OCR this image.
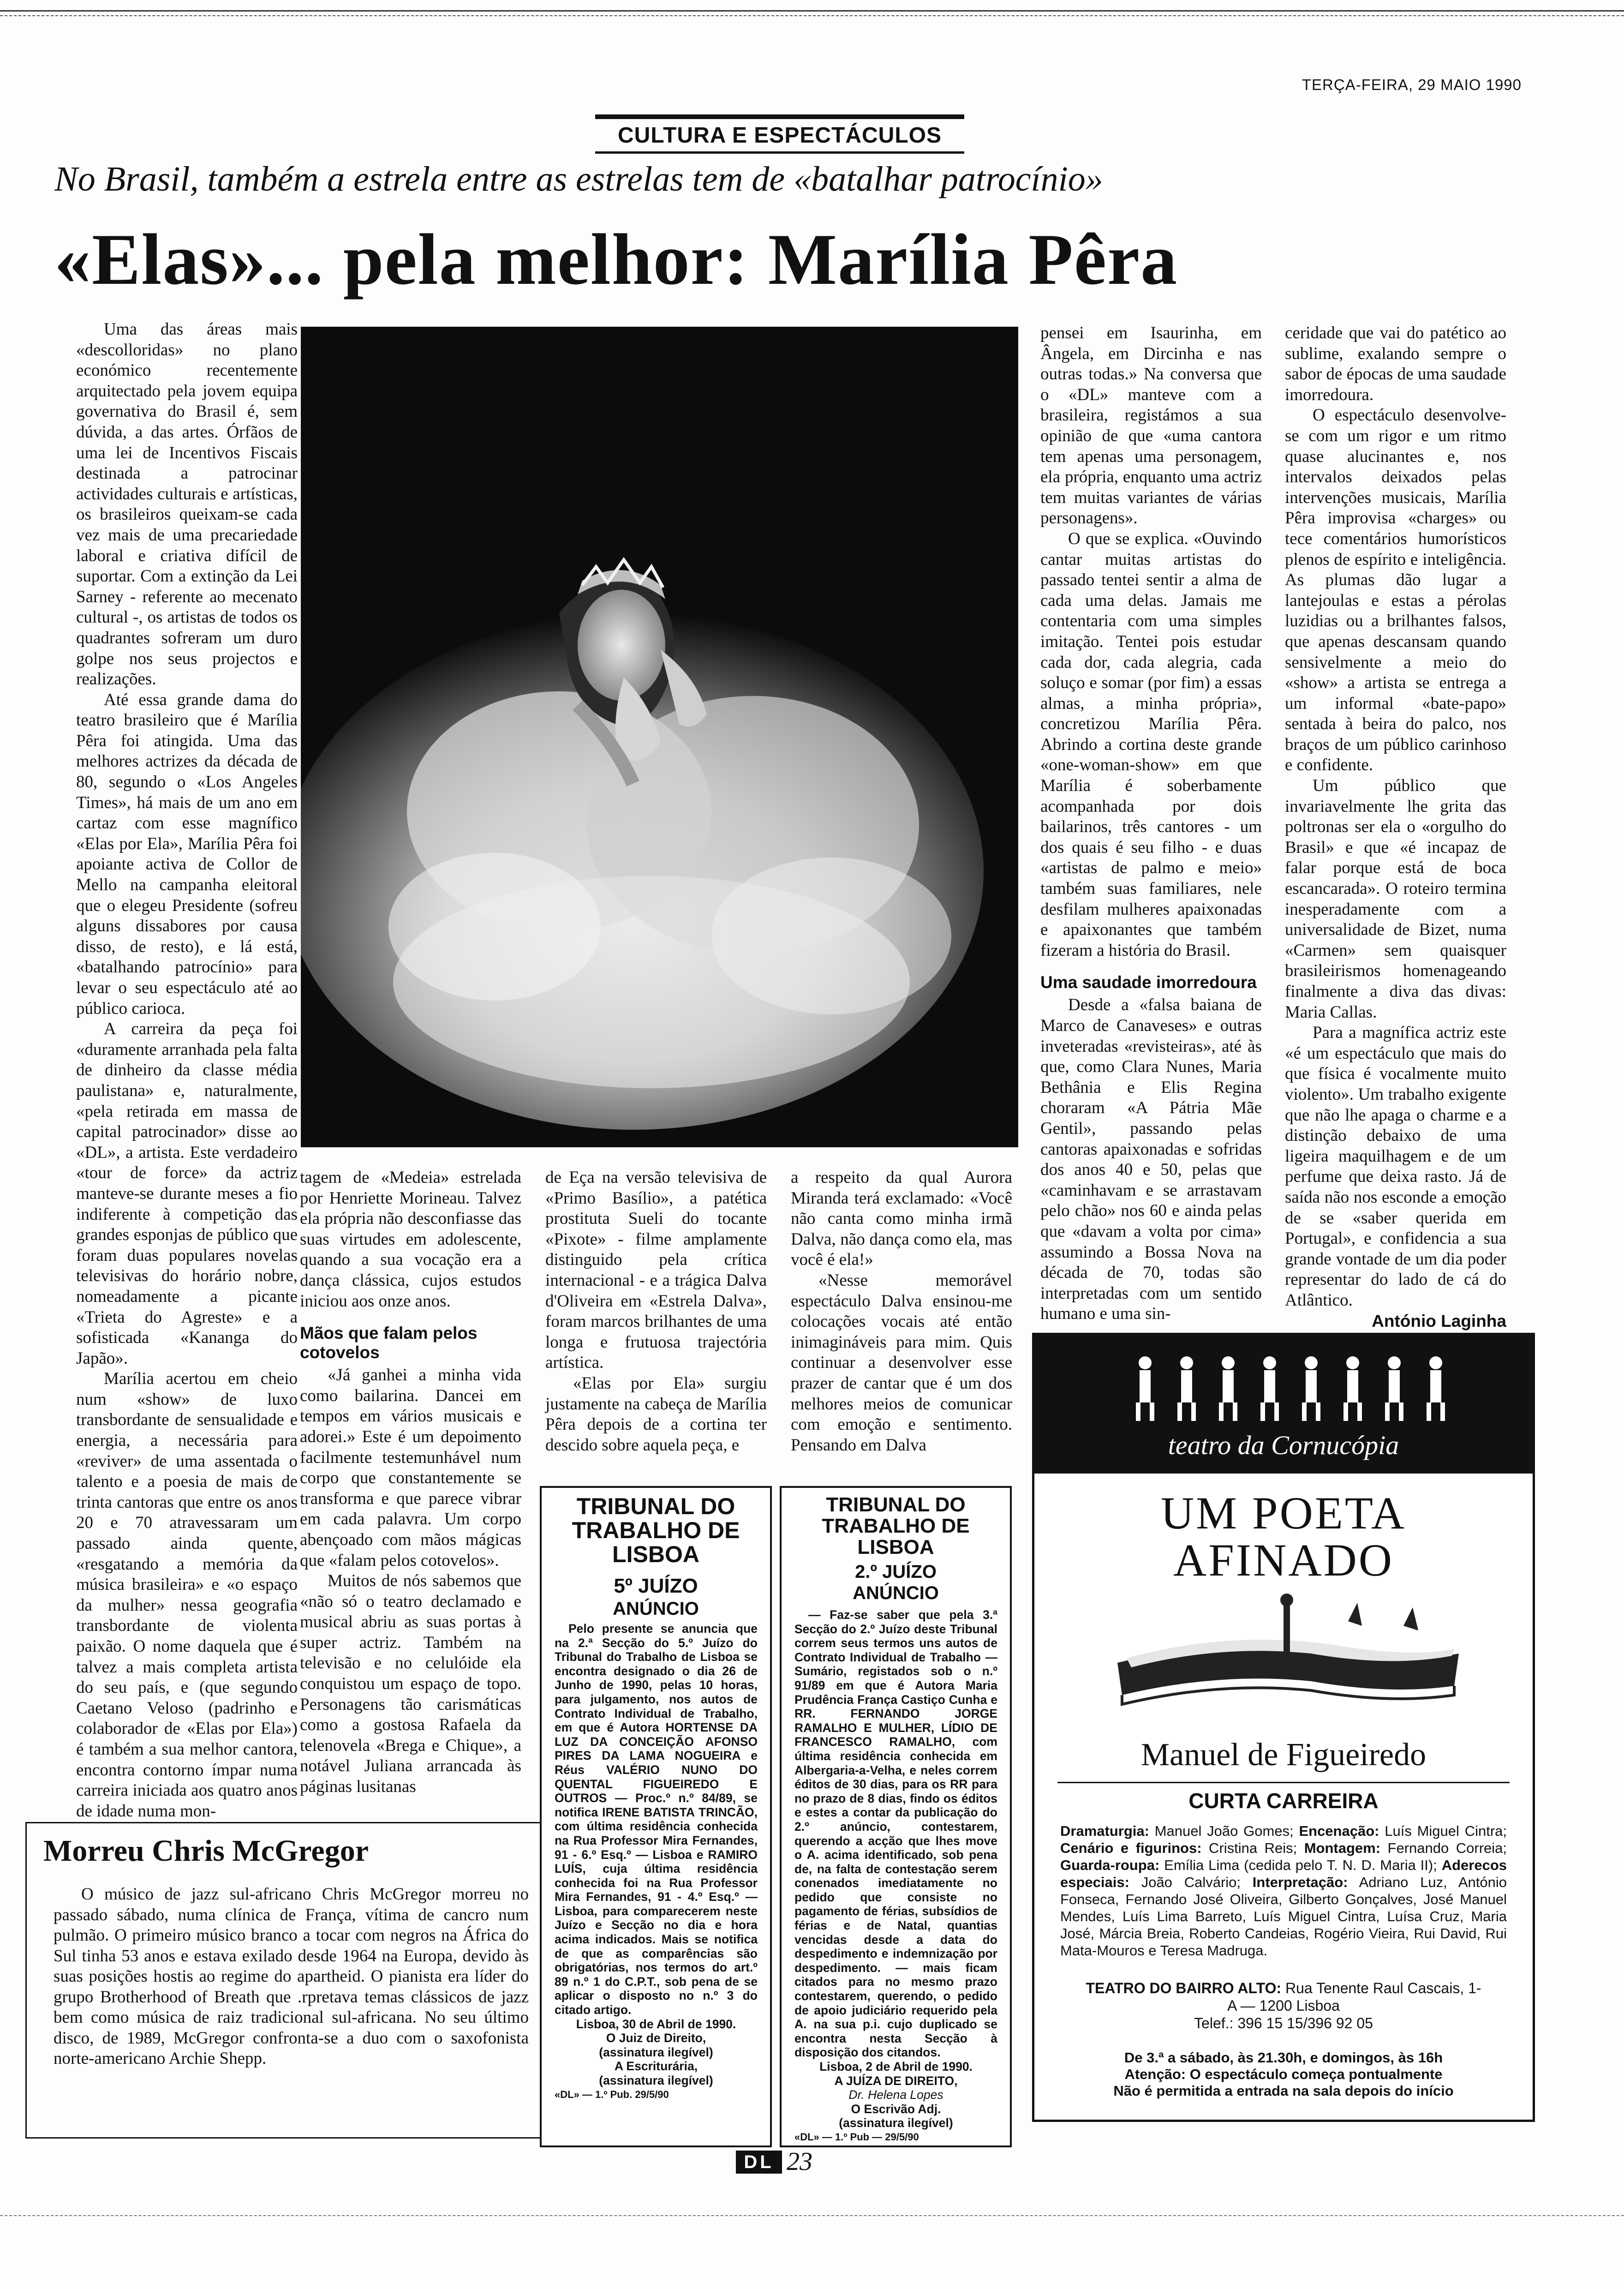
TERÇA-FEIRA, 29 MAIO 1990
CULTURA E ESPECTÁCULOS
No Brasil, também a estrela entre as estrelas tem de «batalhar patrocínio»
«Elas»... pela melhor: Marília Pêra

Uma das áreas mais «descolloridas» no plano económico recentemente arquitectado pela jovem equipa governativa do Brasil é, sem dúvida, a das artes. Órfãos de uma lei de Incentivos Fiscais destinada a patrocinar actividades culturais e artísticas, os brasileiros queixam-se cada vez mais de uma precariedade laboral e criativa difícil de suportar. Com a extinção da Lei Sarney - referente ao mecenato cultural -, os artistas de todos os quadrantes sofreram um duro golpe nos seus projectos e realizações.

Até essa grande dama do teatro brasileiro que é Marília Pêra foi atingida. Uma das melhores actrizes da década de 80, segundo o «Los Angeles Times», há mais de um ano em cartaz com esse magnífico «Elas por Ela», Marília Pêra foi apoiante activa de Collor de Mello na campanha eleitoral que o elegeu Presidente (sofreu alguns dissabores por causa disso, de resto), e lá está, «batalhando patrocínio» para levar o seu espectáculo até ao público carioca.

A carreira da peça foi «duramente arranhada pela falta de dinheiro da classe média paulistana» e, naturalmente, «pela retirada em massa de capital patrocinador» disse ao «DL», a artista. Este verdadeiro «tour de force» da actriz manteve-se durante meses a fio indiferente à competição das grandes esponjas de público que foram duas populares novelas televisivas do horário nobre, nomeadamente a picante «Trieta do Agreste» e a sofisticada «Kananga do Japão».

Marília acertou em cheio num «show» de luxo transbordante de sensualidade e energia, a necessária para «reviver» de uma assentada o talento e a poesia de mais de trinta cantoras que entre os anos 20 e 70 atravessaram um passado ainda quente, «resgatando a memória da música brasileira» e «o espaço da mulher» nessa geografia transbordante de violenta paixão. O nome daquela que é talvez a mais completa artista do seu país, e (que segundo Caetano Veloso (padrinho e colaborador de «Elas por Ela») é também a sua melhor cantora, encontra contorno ímpar numa carreira iniciada aos quatro anos de idade numa mon-

tagem de «Medeia» estrelada por Henriette Morineau. Talvez ela própria não desconfiasse das suas virtudes em adolescente, quando a sua vocação era a dança clássica, cujos estudos iniciou aos onze anos.

Mãos que falam pelos cotovelos

«Já ganhei a minha vida como bailarina. Dancei em tempos em vários musicais e adorei.» Este é um depoimento facilmente testemunhável num corpo que constantemente se transforma e que parece vibrar em cada palavra. Um corpo abençoado com mãos mágicas que «falam pelos cotovelos».

Muitos de nós sabemos que «não só o teatro declamado e musical abriu as suas portas à super actriz. Também na televisão e no celulóide ela conquistou um espaço de topo. Personagens tão carismáticas como a gostosa Rafaela da telenovela «Brega e Chique», a notável Juliana arrancada às páginas lusitanas

de Eça na versão televisiva de «Primo Basílio», a patética prostituta Sueli do tocante «Pixote» - filme amplamente distinguido pela crítica internacional - e a trágica Dalva d'Oliveira em «Estrela Dalva», foram marcos brilhantes de uma longa e frutuosa trajectória artística.

«Elas por Ela» surgiu justamente na cabeça de Marília Pêra depois de a cortina ter descido sobre aquela peça, e

a respeito da qual Aurora Miranda terá exclamado: «Você não canta como minha irmã Dalva, não dança como ela, mas você é ela!»

«Nesse memorável espectáculo Dalva ensinou-me colocações vocais até então inimagináveis para mim. Quis continuar a desenvolver esse prazer de cantar que é um dos melhores meios de comunicar com emoção e sentimento. Pensando em Dalva

pensei em Isaurinha, em Ângela, em Dircinha e nas outras todas.» Na conversa que o «DL» manteve com a brasileira, registámos a sua opinião de que «uma cantora tem apenas uma personagem, ela própria, enquanto uma actriz tem muitas variantes de várias personagens».

O que se explica. «Ouvindo cantar muitas artistas do passado tentei sentir a alma de cada uma delas. Jamais me contentaria com uma simples imitação. Tentei pois estudar cada dor, cada alegria, cada soluço e somar (por fim) a essas almas, a minha própria», concretizou Marília Pêra. Abrindo a cortina deste grande «one-woman-show» em que Marília é soberbamente acompanhada por dois bailarinos, três cantores - um dos quais é seu filho - e duas «artistas de palmo e meio» também suas familiares, nele desfilam mulheres apaixonadas e apaixonantes que também fizeram a história do Brasil.

Uma saudade imorredoura

Desde a «falsa baiana de Marco de Canaveses» e outras inveteradas «revisteiras», até às que, como Clara Nunes, Maria Bethânia e Elis Regina choraram «A Pátria Mãe Gentil», passando pelas cantoras apaixonadas e sofridas dos anos 40 e 50, pelas que «caminhavam e se arrastavam pelo chão» nos 60 e ainda pelas que «davam a volta por cima» assumindo a Bossa Nova na década de 70, todas são interpretadas com um sentido humano e uma sin-

ceridade que vai do patético ao sublime, exalando sempre o sabor de épocas de uma saudade imorredoura.

O espectáculo desenvolve-se com um rigor e um ritmo quase alucinantes e, nos intervalos deixados pelas intervenções musicais, Marília Pêra improvisa «charges» ou tece comentários humorísticos plenos de espírito e inteligência. As plumas dão lugar a lantejoulas e estas a pérolas luzidias ou a brilhantes falsos, que apenas descansam quando sensivelmente a meio do «show» a artista se entrega a um informal «bate-papo» sentada à beira do palco, nos braços de um público carinhoso e confidente.

Um público que invariavelmente lhe grita das poltronas ser ela o «orgulho do Brasil» e que «é incapaz de falar porque está de boca escancarada». O roteiro termina inesperadamente com a universalidade de Bizet, numa «Carmen» sem quaisquer brasileirismos homenageando finalmente a diva das divas: Maria Callas.

Para a magnífica actriz este «é um espectáculo que mais do que física é vocalmente muito violento». Um trabalho exigente que não lhe apaga o charme e a distinção debaixo de uma ligeira maquilhagem e de um perfume que deixa rasto. Já de saída não nos esconde a emoção de se «saber querida em Portugal», e confidencia a sua grande vontade de um dia poder representar do lado de cá do Atlântico.

António Laginha
Morreu Chris McGregor
O músico de jazz sul-africano Chris McGregor morreu no passado sábado, numa clínica de França, vítima de cancro num pulmão. O primeiro músico branco a tocar com negros na África do Sul tinha 53 anos e estava exilado desde 1964 na Europa, devido às suas posições hostis ao regime do apartheid. O pianista era líder do grupo Brotherhood of Breath que .rpretava temas clássicos de jazz bem como música de raiz tradicional sul-africana. No seu último disco, de 1989, McGregor confronta-se a duo com o saxofonista norte-americano Archie Shepp.
TRIBUNAL DO TRABALHO DE LISBOA
5º JUÍZO
ANÚNCIO

Pelo presente se anuncia que na 2.ª Secção do 5.º Juízo do Tribunal do Trabalho de Lisboa se encontra designado o dia 26 de Junho de 1990, pelas 10 horas, para julgamento, nos autos de Contrato Individual de Trabalho, em que é Autora HORTENSE DA LUZ DA CONCEIÇÃO AFONSO PIRES DA LAMA NOGUEIRA e Réus VALÉRIO NUNO DO QUENTAL FIGUEIREDO E OUTROS — Proc.º n.º 84/89, se notifica IRENE BATISTA TRINCÃO, com última residência conhecida na Rua Professor Mira Fernandes, 91 - 6.º Esq.º — Lisboa e RAMIRO LUÍS, cuja última residência conhecida foi na Rua Professor Mira Fernandes, 91 - 4.º Esq.º — Lisboa, para comparecerem neste Juízo e Secção no dia e hora acima indicados. Mais se notifica de que as comparências são obrigatórias, nos termos do art.º 89 n.º 1 do C.P.T., sob pena de se aplicar o disposto no n.º 3 do citado artigo.

Lisboa, 30 de Abril de 1990.

O Juiz de Direito,

(assinatura ilegível)

A Escriturária,

(assinatura ilegível)

«DL» — 1.º Pub. 29/5/90

TRIBUNAL DO TRABALHO DE LISBOA
2.º JUÍZO
ANÚNCIO

— Faz-se saber que pela 3.ª Secção do 2.º Juízo deste Tribunal correm seus termos uns autos de Contrato Individual de Trabalho — Sumário, registados sob o n.º 91/89 em que é Autora Maria Prudência França Castiço Cunha e RR. FERNANDO JORGE RAMALHO E MULHER, LÍDIO DE FRANCESCO RAMALHO, com última residência conhecida em Albergaria-a-Velha, e neles correm éditos de 30 dias, para os RR para no prazo de 8 dias, findo os éditos e estes a contar da publicação do 2.º anúncio, contestarem, querendo a acção que lhes move o A. acima identificado, sob pena de, na falta de contestação serem conenados imediatamente no pedido que consiste no pagamento de férias, subsídios de férias e de Natal, quantias vencidas desde a data do despedimento e indemnização por despedimento. — mais ficam citados para no mesmo prazo contestarem, querendo, o pedido de apoio judiciário requerido pela A. na sua p.i. cujo duplicado se encontra nesta Secção à disposição dos citandos.

Lisboa, 2 de Abril de 1990.

A JUÍZA DE DIREITO,

Dr. Helena Lopes

O Escrivão Adj.

(assinatura ilegível)

«DL» — 1.º Pub — 29/5/90

teatro da Cornucópia
UM POETA
AFINADO
Manuel de Figueiredo
CURTA CARREIRA
Dramaturgia: Manuel João Gomes; Encenação: Luís Miguel Cintra; Cenário e figurinos: Cristina Reis; Montagem: Fernando Correia; Guarda-roupa: Emília Lima (cedida pelo T. N. D. Maria II); Aderecos especiais: João Calvário; Interpretação: Adriano Luz, António Fonseca, Fernando José Oliveira, Gilberto Gonçalves, José Manuel Mendes, Luís Lima Barreto, Luís Miguel Cintra, Luísa Cruz, Maria José, Márcia Breia, Roberto Candeias, Rogério Vieira, Rui David, Rui Mata-Mouros e Teresa Madruga.
TEATRO DO BAIRRO ALTO: Rua Tenente Raul Cascais, 1-A — 1200 Lisboa
Telef.: 396 15 15/396 92 05
De 3.ª a sábado, às 21.30h, e domingos, às 16h
Atenção: O espectáculo começa pontualmente
Não é permitida a entrada na sala depois do início
DL 23
